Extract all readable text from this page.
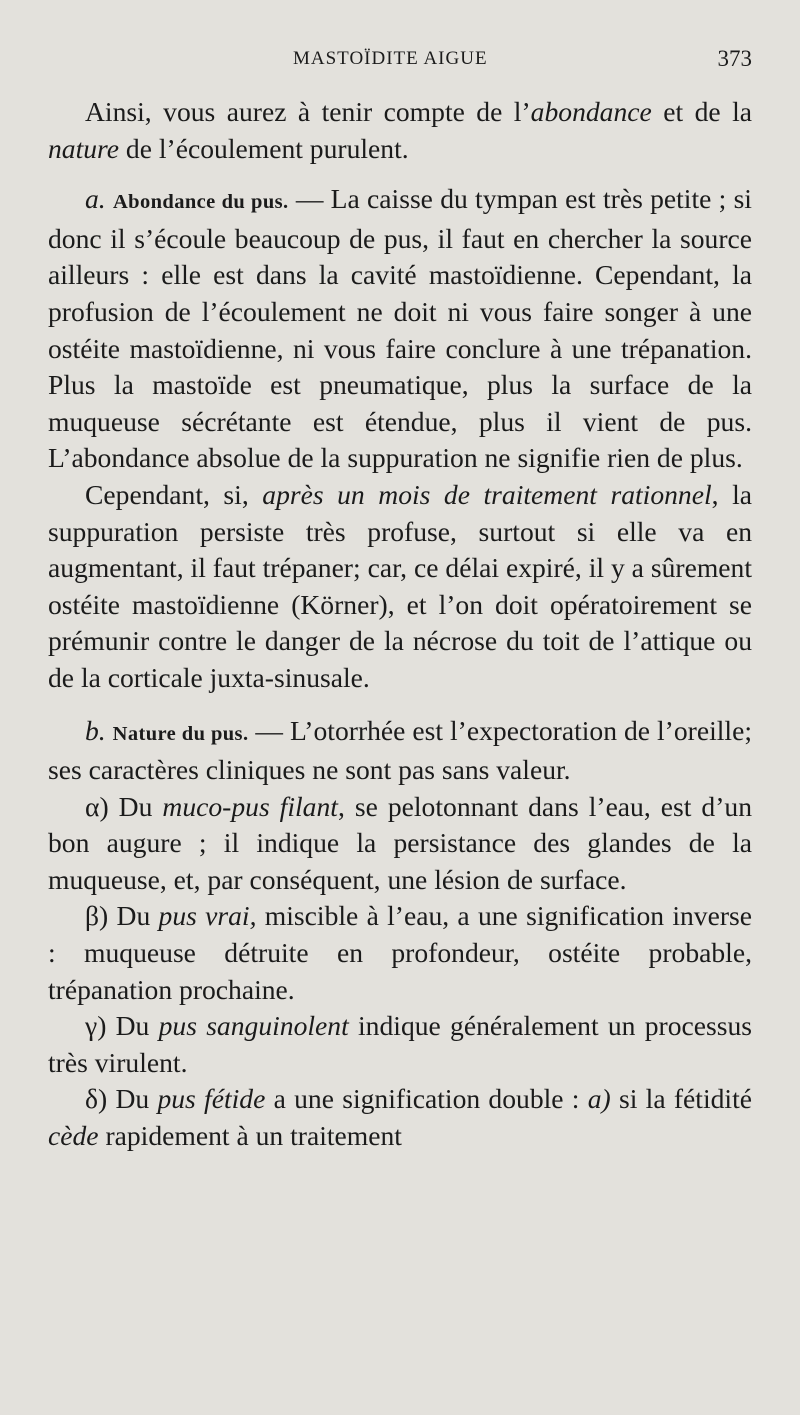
MASTOÏDITE AIGUE	373

Ainsi, vous aurez à tenir compte de l’abondance et de la nature de l’écoulement purulent.

a. Abondance du pus. — La caisse du tympan est très petite ; si donc il s’écoule beaucoup de pus, il faut en chercher la source ailleurs : elle est dans la cavité mastoïdienne. Cependant, la profusion de l’écoulement ne doit ni vous faire songer à une ostéite mastoïdienne, ni vous faire conclure à une trépanation. Plus la mastoïde est pneumatique, plus la surface de la muqueuse sécrétante est étendue, plus il vient de pus. L’abondance absolue de la suppuration ne signifie rien de plus.

Cependant, si, après un mois de traitement rationnel, la suppuration persiste très profuse, surtout si elle va en augmentant, il faut trépaner; car, ce délai expiré, il y a sûrement ostéite mastoïdienne (Körner), et l’on doit opératoirement se prémunir contre le danger de la nécrose du toit de l’attique ou de la corticale juxta-sinusale.

b. Nature du pus. — L’otorrhée est l’expectoration de l’oreille; ses caractères cliniques ne sont pas sans valeur.

α) Du muco-pus filant, se pelotonnant dans l’eau, est d’un bon augure ; il indique la persistance des glandes de la muqueuse, et, par conséquent, une lésion de surface.

β) Du pus vrai, miscible à l’eau, a une signification inverse : muqueuse détruite en profondeur, ostéite probable, trépanation prochaine.

γ) Du pus sanguinolent indique généralement un processus très virulent.

δ) Du pus fétide a une signification double : a) si la fétidité cède rapidement à un traitement
